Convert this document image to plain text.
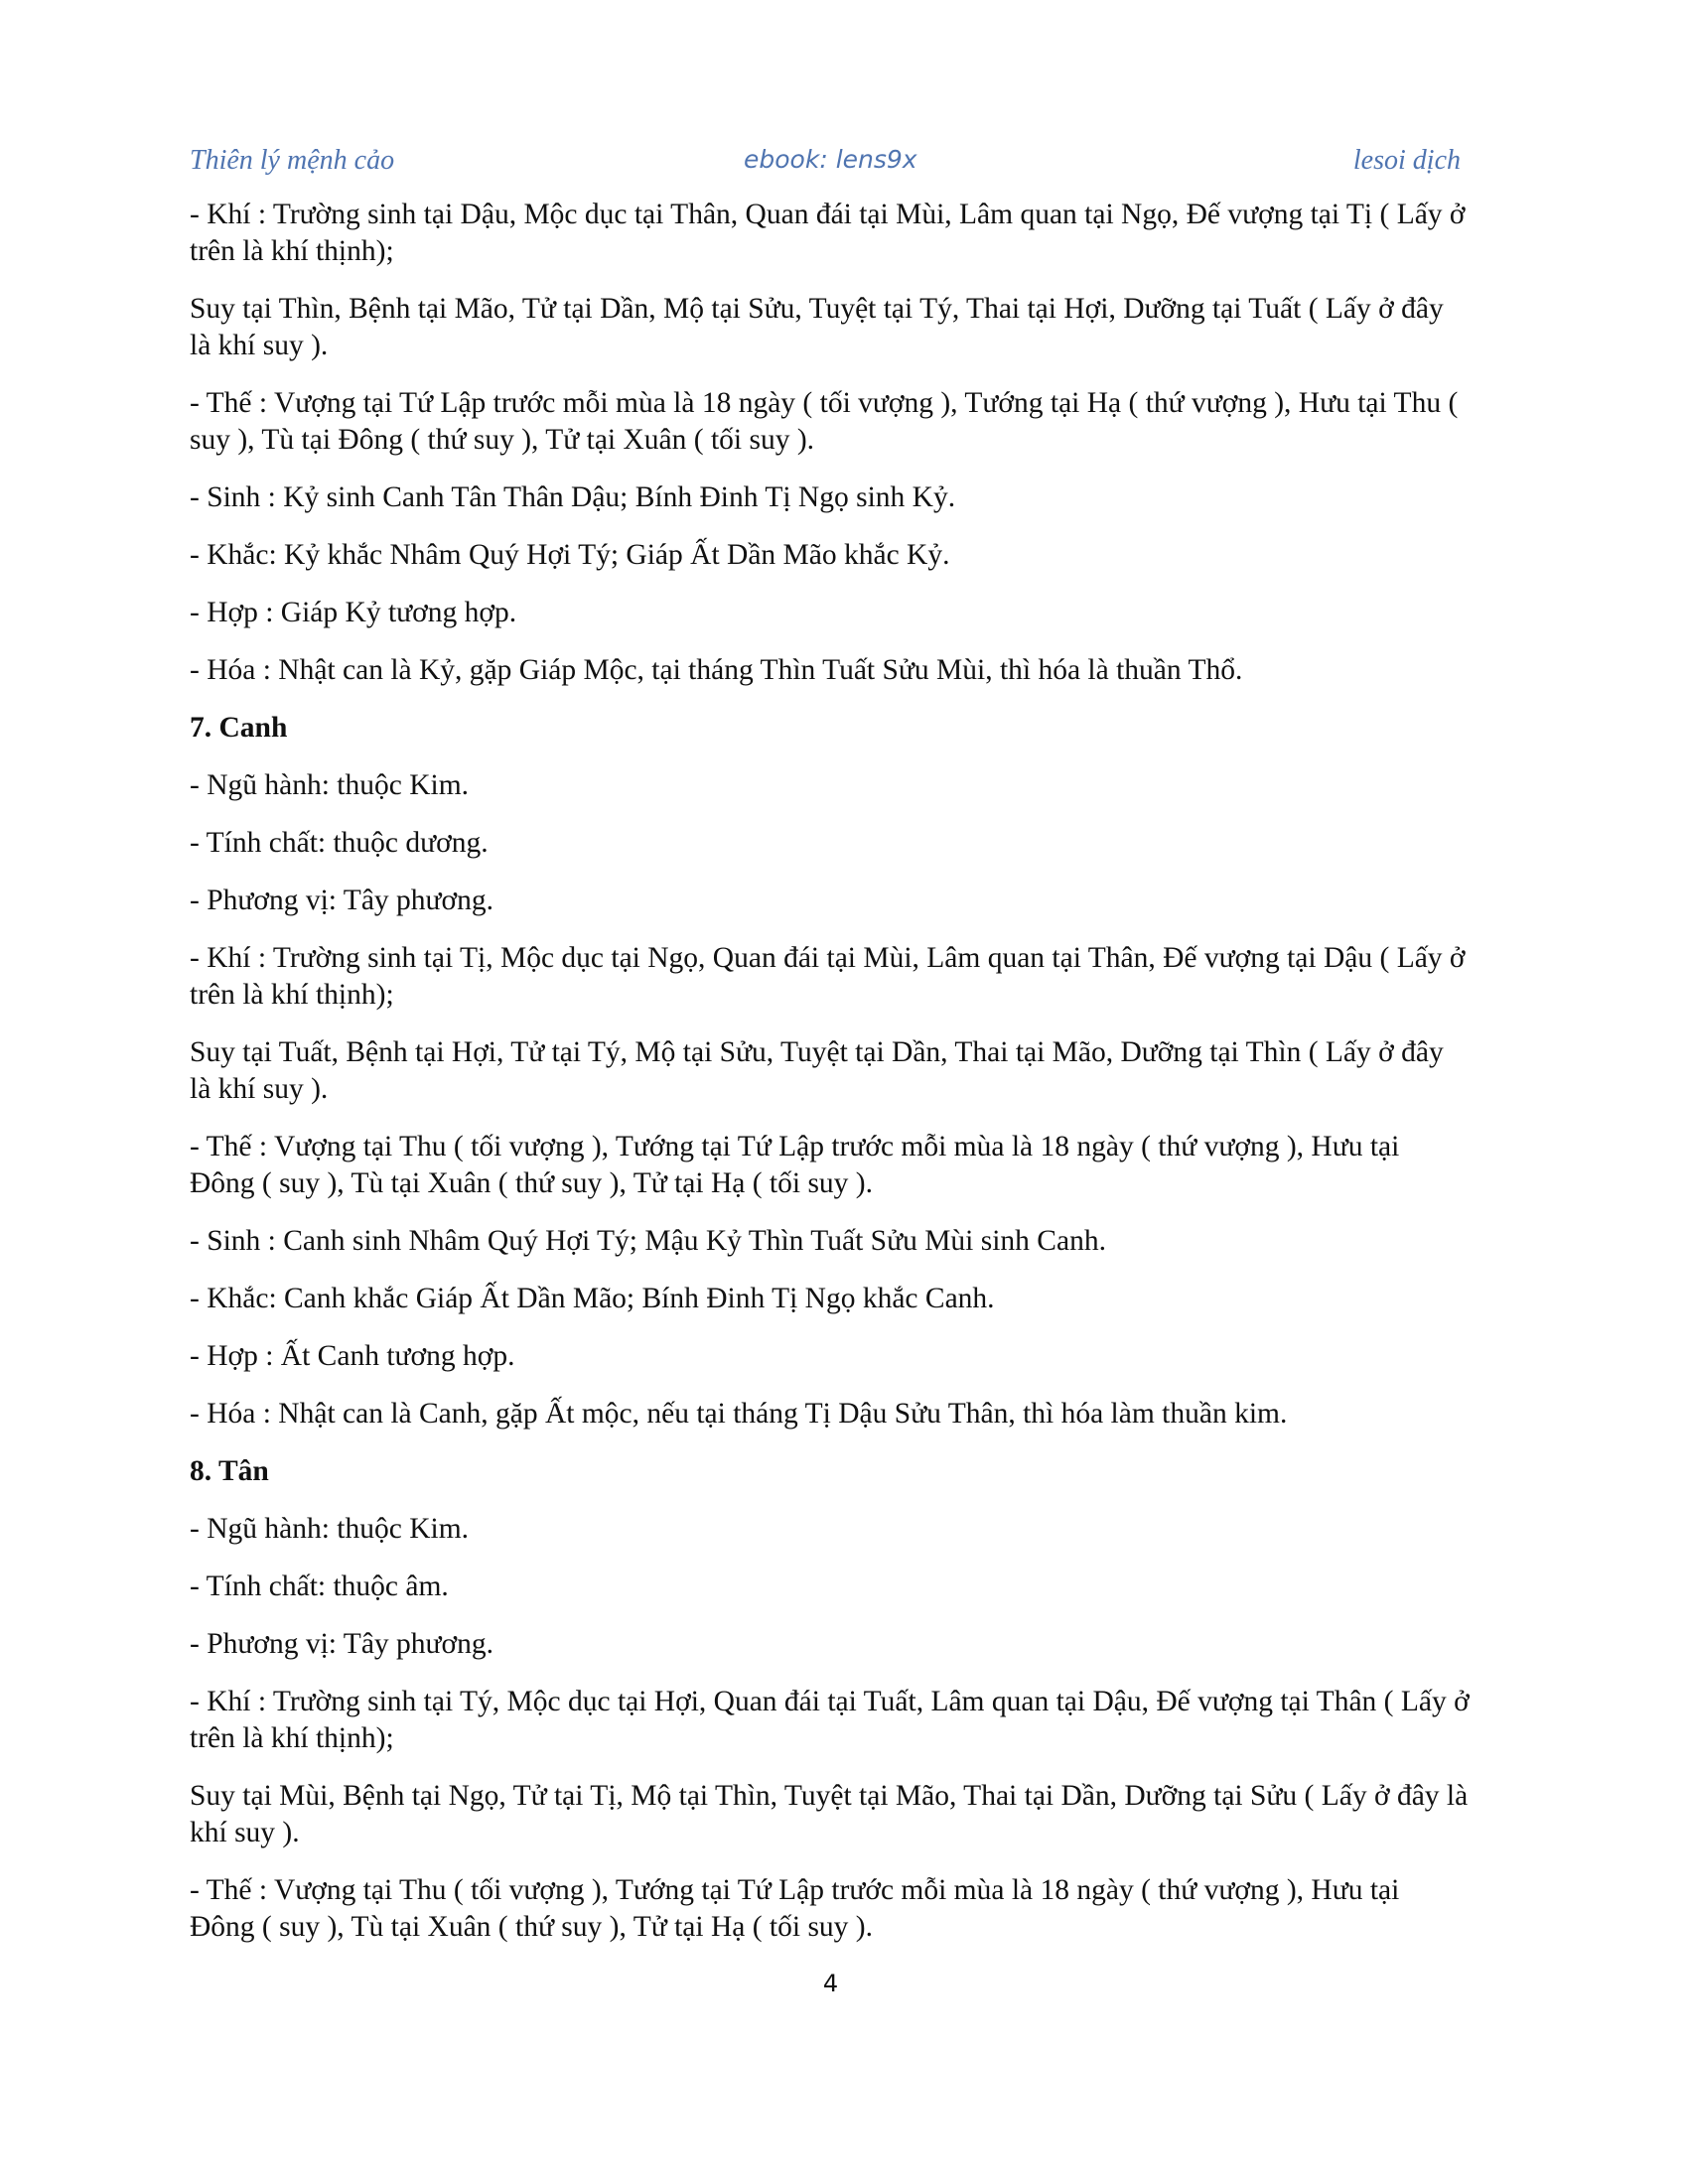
Thiên lý mệnh cảo	ebook: lens9x	lesoi dịch

- Khí : Trường sinh tại Dậu, Mộc dục tại Thân, Quan đái tại Mùi, Lâm quan tại Ngọ, Đế vượng tại Tị ( Lấy ở trên là khí thịnh);

Suy tại Thìn, Bệnh tại Mão, Tử tại Dần, Mộ tại Sửu, Tuyệt tại Tý, Thai tại Hợi, Dưỡng tại Tuất ( Lấy ở đây là khí suy ).

- Thế : Vượng tại Tứ Lập trước mỗi mùa là 18 ngày ( tối vượng ), Tướng tại Hạ ( thứ vượng ), Hưu tại Thu ( suy ), Tù tại Đông ( thứ suy ), Tử tại Xuân ( tối suy ).

- Sinh : Kỷ sinh Canh Tân Thân Dậu; Bính Đinh Tị Ngọ sinh Kỷ.

- Khắc: Kỷ khắc Nhâm Quý Hợi Tý; Giáp Ất Dần Mão khắc Kỷ.

- Hợp : Giáp Kỷ tương hợp.

- Hóa : Nhật can là Kỷ, gặp Giáp Mộc, tại tháng Thìn Tuất Sửu Mùi, thì hóa là thuần Thổ.

7. Canh

- Ngũ hành: thuộc Kim.

- Tính chất: thuộc dương.

- Phương vị: Tây phương.

- Khí : Trường sinh tại Tị, Mộc dục tại Ngọ, Quan đái tại Mùi, Lâm quan tại Thân, Đế vượng tại Dậu ( Lấy ở trên là khí thịnh);

Suy tại Tuất, Bệnh tại Hợi, Tử tại Tý, Mộ tại Sửu, Tuyệt tại Dần, Thai tại Mão, Dưỡng tại Thìn ( Lấy ở đây là khí suy ).

- Thế : Vượng tại Thu ( tối vượng ), Tướng tại Tứ Lập trước mỗi mùa là 18 ngày ( thứ vượng ), Hưu tại Đông ( suy ), Tù tại Xuân ( thứ suy ), Tử tại Hạ ( tối suy ).

- Sinh : Canh sinh Nhâm Quý Hợi Tý; Mậu Kỷ Thìn Tuất Sửu Mùi sinh Canh.

- Khắc: Canh khắc Giáp Ất Dần Mão; Bính Đinh Tị Ngọ khắc Canh.

- Hợp : Ất Canh tương hợp.

- Hóa : Nhật can là Canh, gặp Ất mộc, nếu tại tháng Tị Dậu Sửu Thân, thì hóa làm thuần kim.

8. Tân

- Ngũ hành: thuộc Kim.

- Tính chất: thuộc âm.

- Phương vị: Tây phương.

- Khí : Trường sinh tại Tý, Mộc dục tại Hợi, Quan đái tại Tuất, Lâm quan tại Dậu, Đế vượng tại Thân ( Lấy ở trên là khí thịnh);

Suy tại Mùi, Bệnh tại Ngọ, Tử tại Tị, Mộ tại Thìn, Tuyệt tại Mão, Thai tại Dần, Dưỡng tại Sửu ( Lấy ở đây là khí suy ).

- Thế : Vượng tại Thu ( tối vượng ), Tướng tại Tứ Lập trước mỗi mùa là 18 ngày ( thứ vượng ), Hưu tại Đông ( suy ), Tù tại Xuân ( thứ suy ), Tử tại Hạ ( tối suy ).

4
